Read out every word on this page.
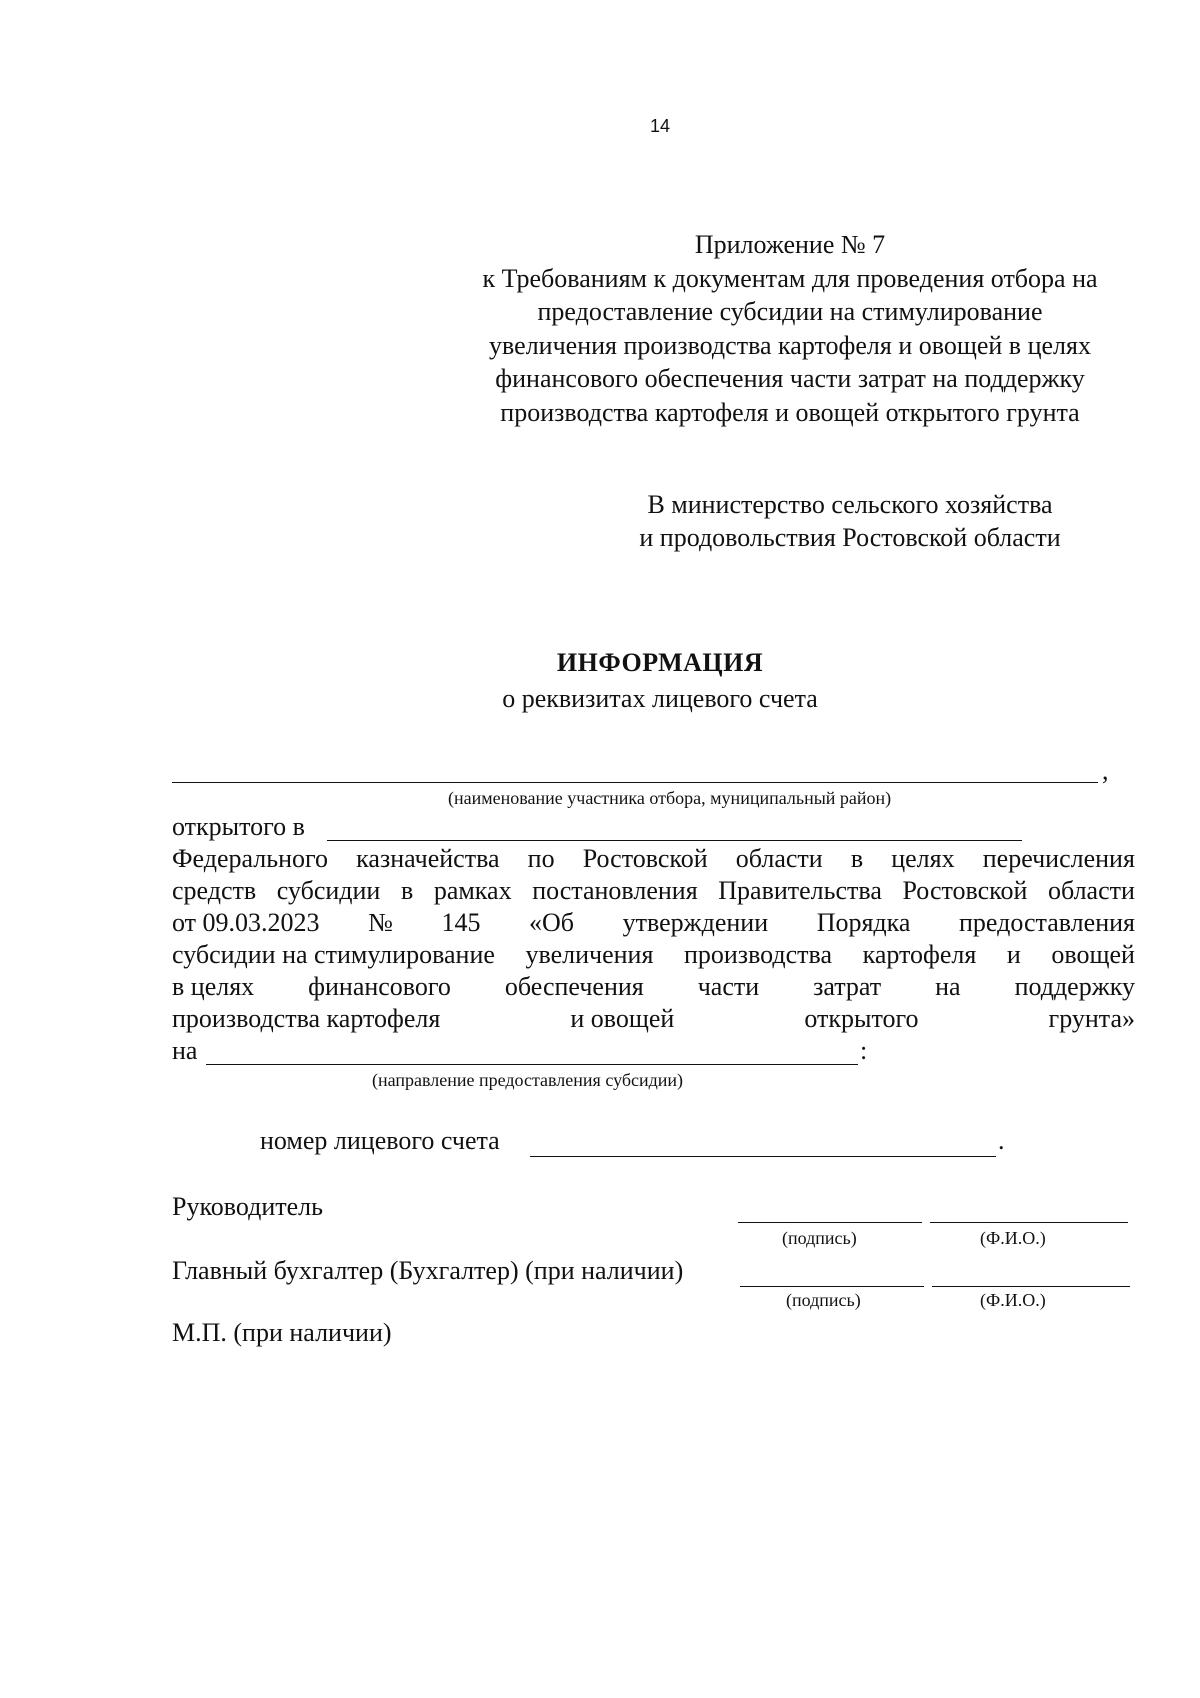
14
Приложение № 7
к Требованиям к документам для проведения отбора на
предоставление субсидии на стимулирование
увеличения производства картофеля и овощей в целях
финансового обеспечения части затрат на поддержку
производства картофеля и овощей открытого грунта
В министерство сельского хозяйства
и продовольствия Ростовской области
ИНФОРМАЦИЯ
о реквизитах лицевого счета
,
(наименование участника отбора, муниципальный район)
открытого в
Федерального казначейства по Ростовской области в целях перечисления
средств субсидии в рамках постановления Правительства Ростовской области
от 09.03.2023 № 145 «Об утверждении Порядка предоставления
субсидии на стимулирование увеличения производства картофеля и овощей
в целях финансового обеспечения части затрат на поддержку
производства картофеля	и овощей	открытого	грунта»
на	:
(направление предоставления субсидии)
номер лицевого счета	.
Руководитель
(подпись)	(Ф.И.О.)
Главный бухгалтер (Бухгалтер) (при наличии)
(подпись)	(Ф.И.О.)
М.П. (при наличии)
